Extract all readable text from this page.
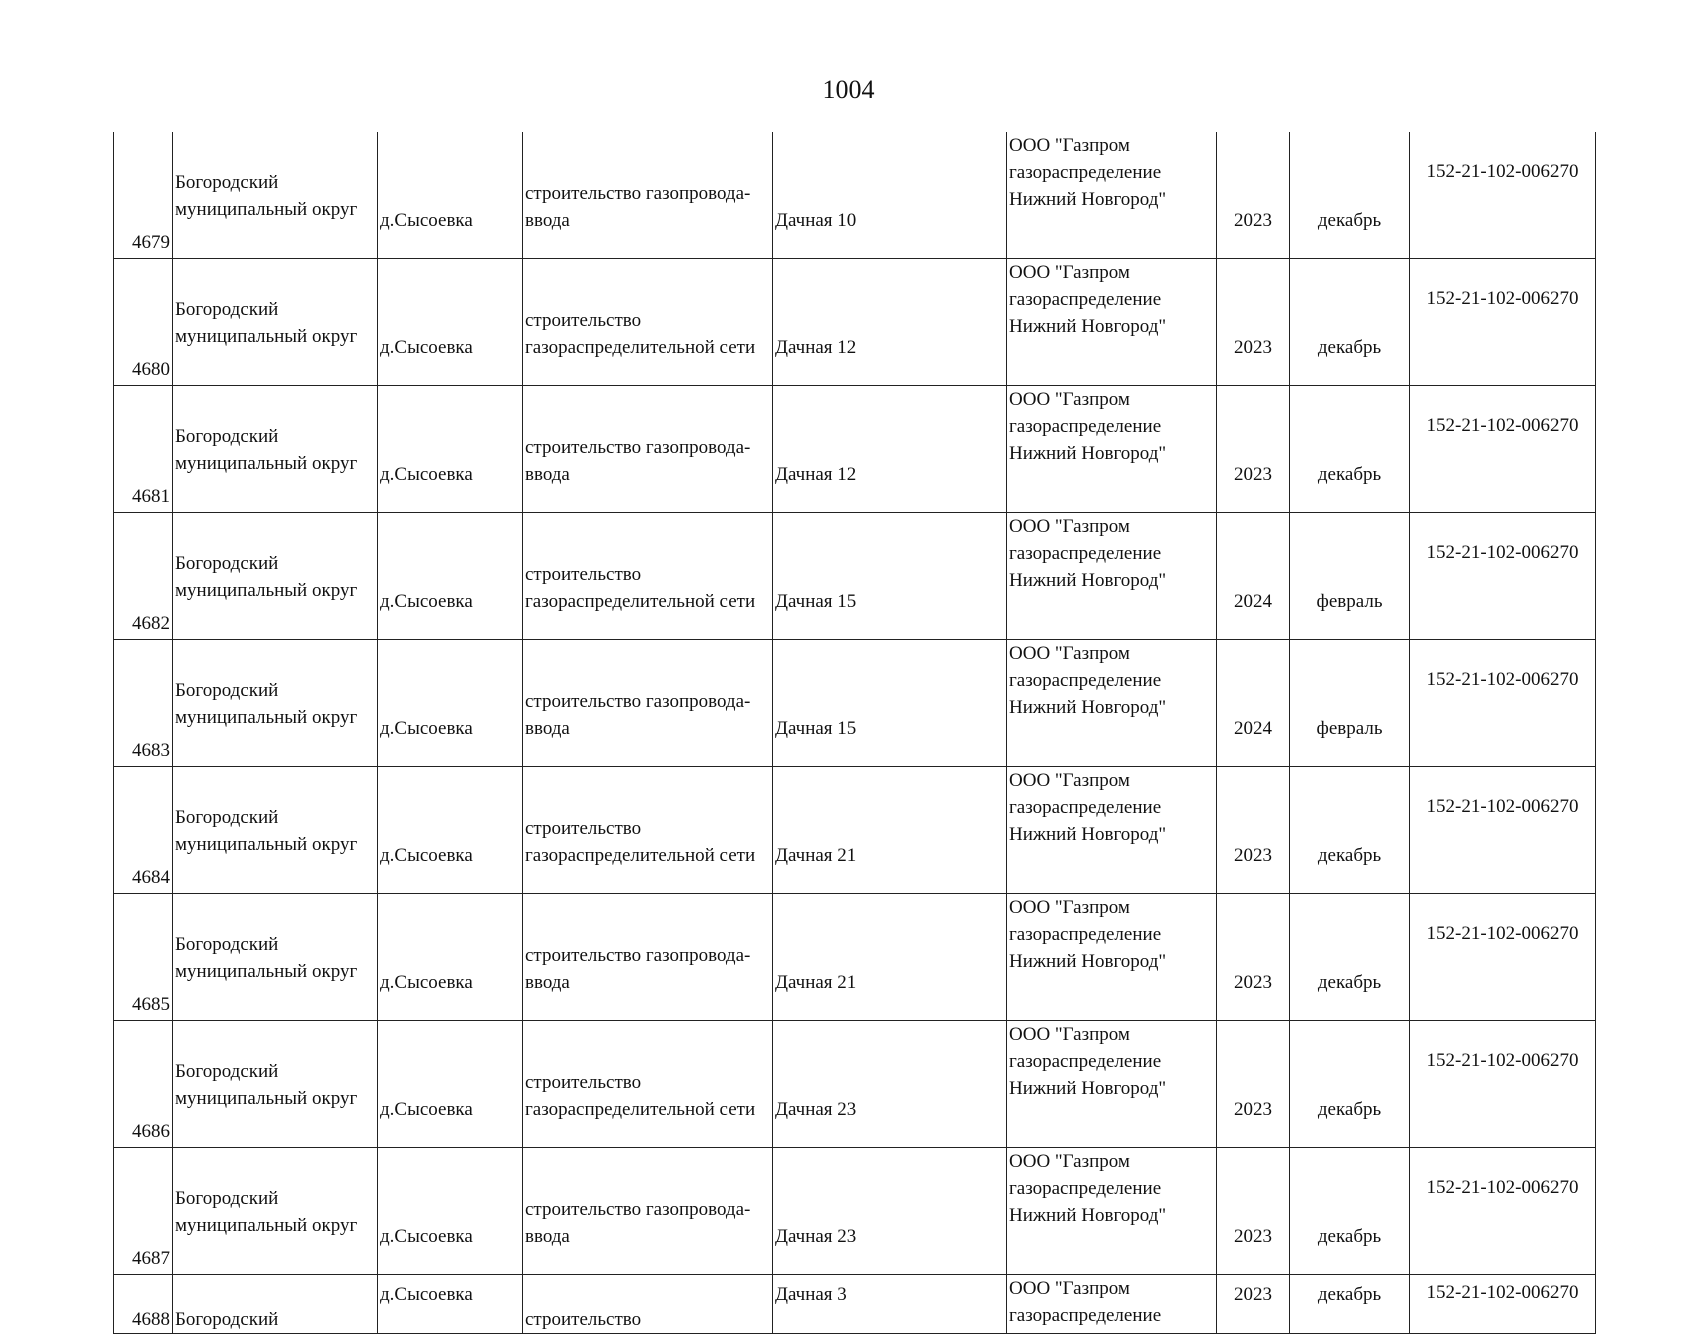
1004
4679	Богородский
муниципальный округ	д.Сысоевка	строительство газопровода-
ввода	Дачная 10	ООО "Газпром
газораспределение
Нижний Новгород"	2023	декабрь	152-21-102-006270
4680	Богородский
муниципальный округ	д.Сысоевка	строительство
газораспределительной сети	Дачная 12	ООО "Газпром
газораспределение
Нижний Новгород"	2023	декабрь	152-21-102-006270
4681	Богородский
муниципальный округ	д.Сысоевка	строительство газопровода-
ввода	Дачная 12	ООО "Газпром
газораспределение
Нижний Новгород"	2023	декабрь	152-21-102-006270
4682	Богородский
муниципальный округ	д.Сысоевка	строительство
газораспределительной сети	Дачная 15	ООО "Газпром
газораспределение
Нижний Новгород"	2024	февраль	152-21-102-006270
4683	Богородский
муниципальный округ	д.Сысоевка	строительство газопровода-
ввода	Дачная 15	ООО "Газпром
газораспределение
Нижний Новгород"	2024	февраль	152-21-102-006270
4684	Богородский
муниципальный округ	д.Сысоевка	строительство
газораспределительной сети	Дачная 21	ООО "Газпром
газораспределение
Нижний Новгород"	2023	декабрь	152-21-102-006270
4685	Богородский
муниципальный округ	д.Сысоевка	строительство газопровода-
ввода	Дачная 21	ООО "Газпром
газораспределение
Нижний Новгород"	2023	декабрь	152-21-102-006270
4686	Богородский
муниципальный округ	д.Сысоевка	строительство
газораспределительной сети	Дачная 23	ООО "Газпром
газораспределение
Нижний Новгород"	2023	декабрь	152-21-102-006270
4687	Богородский
муниципальный округ	д.Сысоевка	строительство газопровода-
ввода	Дачная 23	ООО "Газпром
газораспределение
Нижний Новгород"	2023	декабрь	152-21-102-006270
4688	Богородский	д.Сысоевка	строительство	Дачная 3	ООО "Газпром
газораспределение	2023	декабрь	152-21-102-006270
